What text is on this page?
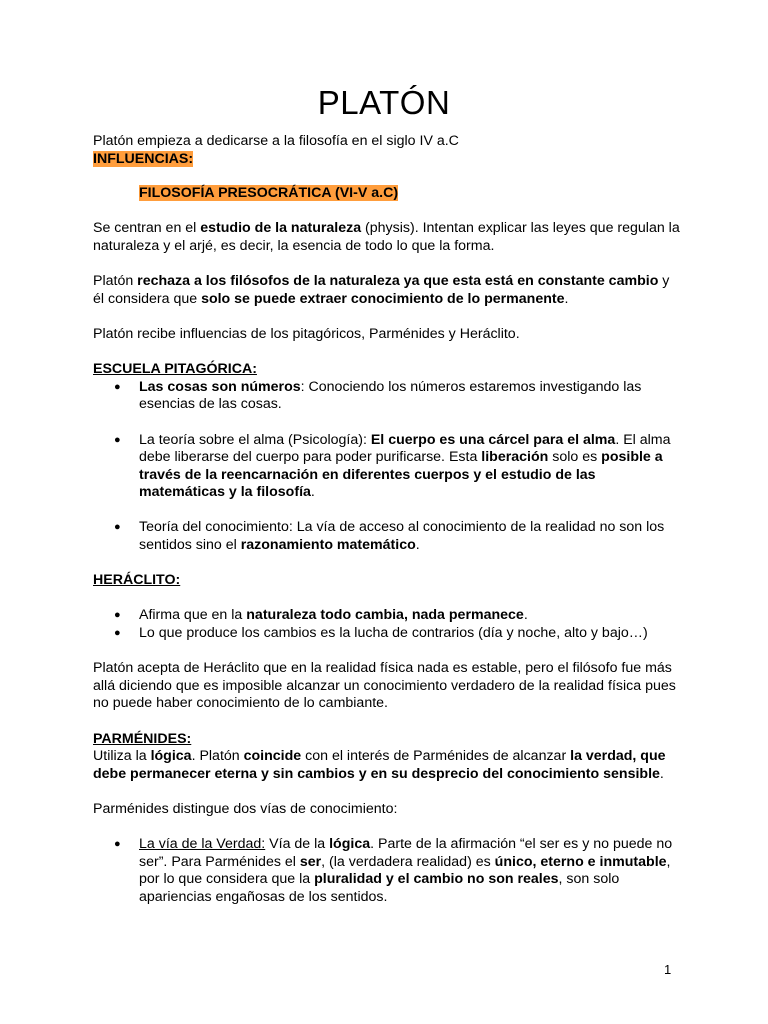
PLATÓN

Platón empieza a dedicarse a la filosofía en el siglo IV a.C

INFLUENCIAS:

FILOSOFÍA PRESOCRÁTICA (VI-V a.C)

Se centran en el estudio de la naturaleza (physis). Intentan explicar las leyes que regulan la naturaleza y el arjé, es decir, la esencia de todo lo que la forma.

Platón rechaza a los filósofos de la naturaleza ya que esta está en constante cambio y él considera que solo se puede extraer conocimiento de lo permanente.

Platón recibe influencias de los pitagóricos, Parménides y Heráclito.

ESCUELA PITAGÓRICA:

● Las cosas son números: Conociendo los números estaremos investigando las esencias de las cosas.
● La teoría sobre el alma (Psicología): El cuerpo es una cárcel para el alma. El alma debe liberarse del cuerpo para poder purificarse. Esta liberación solo es posible a través de la reencarnación en diferentes cuerpos y el estudio de las matemáticas y la filosofía.
● Teoría del conocimiento: La vía de acceso al conocimiento de la realidad no son los sentidos sino el razonamiento matemático.

HERÁCLITO:

● Afirma que en la naturaleza todo cambia, nada permanece.
● Lo que produce los cambios es la lucha de contrarios (día y noche, alto y bajo…)

Platón acepta de Heráclito que en la realidad física nada es estable, pero el filósofo fue más allá diciendo que es imposible alcanzar un conocimiento verdadero de la realidad física pues no puede haber conocimiento de lo cambiante.

PARMÉNIDES:

Utiliza la lógica. Platón coincide con el interés de Parménides de alcanzar la verdad, que debe permanecer eterna y sin cambios y en su desprecio del conocimiento sensible.

Parménides distingue dos vías de conocimiento:

● La vía de la Verdad: Vía de la lógica. Parte de la afirmación “el ser es y no puede no ser”. Para Parménides el ser, (la verdadera realidad) es único, eterno e inmutable, por lo que considera que la pluralidad y el cambio no son reales, son solo apariencias engañosas de los sentidos.
1
